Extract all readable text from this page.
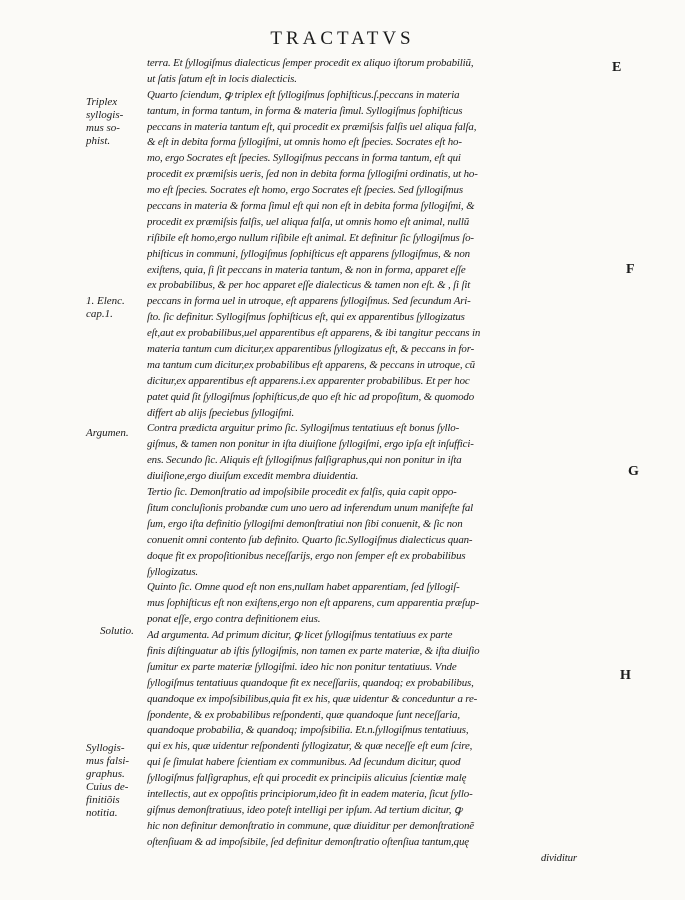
TRACTATVS
E
F
G
H
Triplex
syllogis-
mus so-
phist.
1. Elenc.
cap.1.
Argumen.
Solutio.
Syllogis-
mus falsi-
graphus.
Cuius de-
finitiõis
notitia.
terra. Et ſyllogiſmus dialecticus ſemper procedit ex aliquo iſtorum probabiliũ,
ut ſatis ſatum eſt in locis dialecticis.
Quarto ſciendum, ꝙ triplex eſt ſyllogiſmus ſophiſticus.ſ.peccans in materia
tantum, in forma tantum, in forma & materia ſimul. Syllogiſmus ſophiſticus
peccans in materia tantum eſt, qui procedit ex præmiſsis falſis uel aliqua falſa,
& eſt in debita forma ſyllogiſmi, ut omnis homo eſt ſpecies. Socrates eſt ho-
mo, ergo Socrates eſt ſpecies. Syllogiſmus peccans in forma tantum, eſt qui
procedit ex præmiſsis ueris, ſed non in debita forma ſyllogiſmi ordinatis, ut ho-
mo eſt ſpecies. Socrates eſt homo, ergo Socrates eſt ſpecies. Sed ſyllogiſmus
peccans in materia & forma ſimul eſt qui non eſt in debita forma ſyllogiſmi, &
procedit ex præmiſsis falſis, uel aliqua falſa, ut omnis homo eſt animal, nullũ
riſibile eſt homo,ergo nullum riſibile eſt animal. Et definitur ſic ſyllogiſmus ſo-
phiſticus in communi, ſyllogiſmus ſophiſticus eſt apparens ſyllogiſmus, & non
exiſtens, quia, ſi ſit peccans in materia tantum, & non in forma, apparet eſſe
ex probabilibus, & per hoc apparet eſſe dialecticus & tamen non eſt. & , ſi ſit
peccans in forma uel in utroque, eſt apparens ſyllogiſmus. Sed ſecundum Ari-
ſto. ſic definitur. Syllogiſmus ſophiſticus eſt, qui ex apparentibus ſyllogizatus
eſt,aut ex probabilibus,uel apparentibus eſt apparens, & ibi tangitur peccans in
materia tantum cum dicitur,ex apparentibus ſyllogizatus eſt, & peccans in for-
ma tantum cum dicitur,ex probabilibus eſt apparens, & peccans in utroque, cũ
dicitur,ex apparentibus eſt apparens.i.ex apparenter probabilibus. Et per hoc
patet quid ſit ſyllogiſmus ſophiſticus,de quo eſt hic ad propoſitum, & quomodo
differt ab alijs ſpeciebus ſyllogiſmi.
Contra prædicta arguitur primo ſic. Syllogiſmus tentatiuus eſt bonus ſyllo-
giſmus, & tamen non ponitur in iſta diuiſione ſyllogiſmi, ergo ipſa eſt inſuffici-
ens. Secundo ſic. Aliquis eſt ſyllogiſmus falſigraphus,qui non ponitur in iſta
diuiſione,ergo diuiſum excedit membra diuidentia.
Tertio ſic. Demonſtratio ad impoſsibile procedit ex falſis, quia capit oppo-
ſitum concluſionis probandæ cum uno uero ad inferendum unum manifeſte fal
ſum, ergo iſta definitio ſyllogiſmi demonſtratiui non ſibi conuenit, & ſic non
conuenit omni contento ſub definito. Quarto ſic.Syllogiſmus dialecticus quan-
doque fit ex propoſitionibus neceſſarijs, ergo non ſemper eſt ex probabilibus
ſyllogizatus.
Quinto ſic. Omne quod eſt non ens,nullam habet apparentiam, ſed ſyllogiſ-
mus ſophiſticus eſt non exiſtens,ergo non eſt apparens, cum apparentia præſup-
ponat eſſe, ergo contra definitionem eius.
Ad argumenta. Ad primum dicitur, ꝙ licet ſyllogiſmus tentatiuus ex parte
finis diſtinguatur ab iſtis ſyllogiſmis, non tamen ex parte materiæ, & iſta diuiſio
ſumitur ex parte materiæ ſyllogiſmi. ideo hic non ponitur tentatiuus. Vnde
ſyllogiſmus tentatiuus quandoque fit ex neceſſariis, quandoq; ex probabilibus,
quandoque ex impoſsibilibus,quia fit ex his, quæ uidentur & conceduntur a re-
ſpondente, & ex probabilibus reſpondenti, quæ quandoque ſunt neceſſaria,
quandoque probabilia, & quandoq; impoſsibilia. Et.n.ſyllogiſmus tentatiuus,
qui ex his, quæ uidentur reſpondenti ſyllogizatur, & quæ neceſſe eſt eum ſcire,
qui ſe ſimulat habere ſcientiam ex communibus. Ad ſecundum dicitur, quod
ſyllogiſmus falſigraphus, eſt qui procedit ex principiis alicuius ſcientiæ malę
intellectis, aut ex oppoſitis principiorum,ideo fit in eadem materia, ſicut ſyllo-
giſmus demonſtratiuus, ideo poteſt intelligi per ipſum. Ad tertium dicitur, ꝙ
hic non definitur demonſtratio in commune, quæ diuiditur per demonſtrationẽ
oſtenſiuam & ad impoſsibile, ſed definitur demonſtratio oſtenſiua tantum,quę
dividitur
